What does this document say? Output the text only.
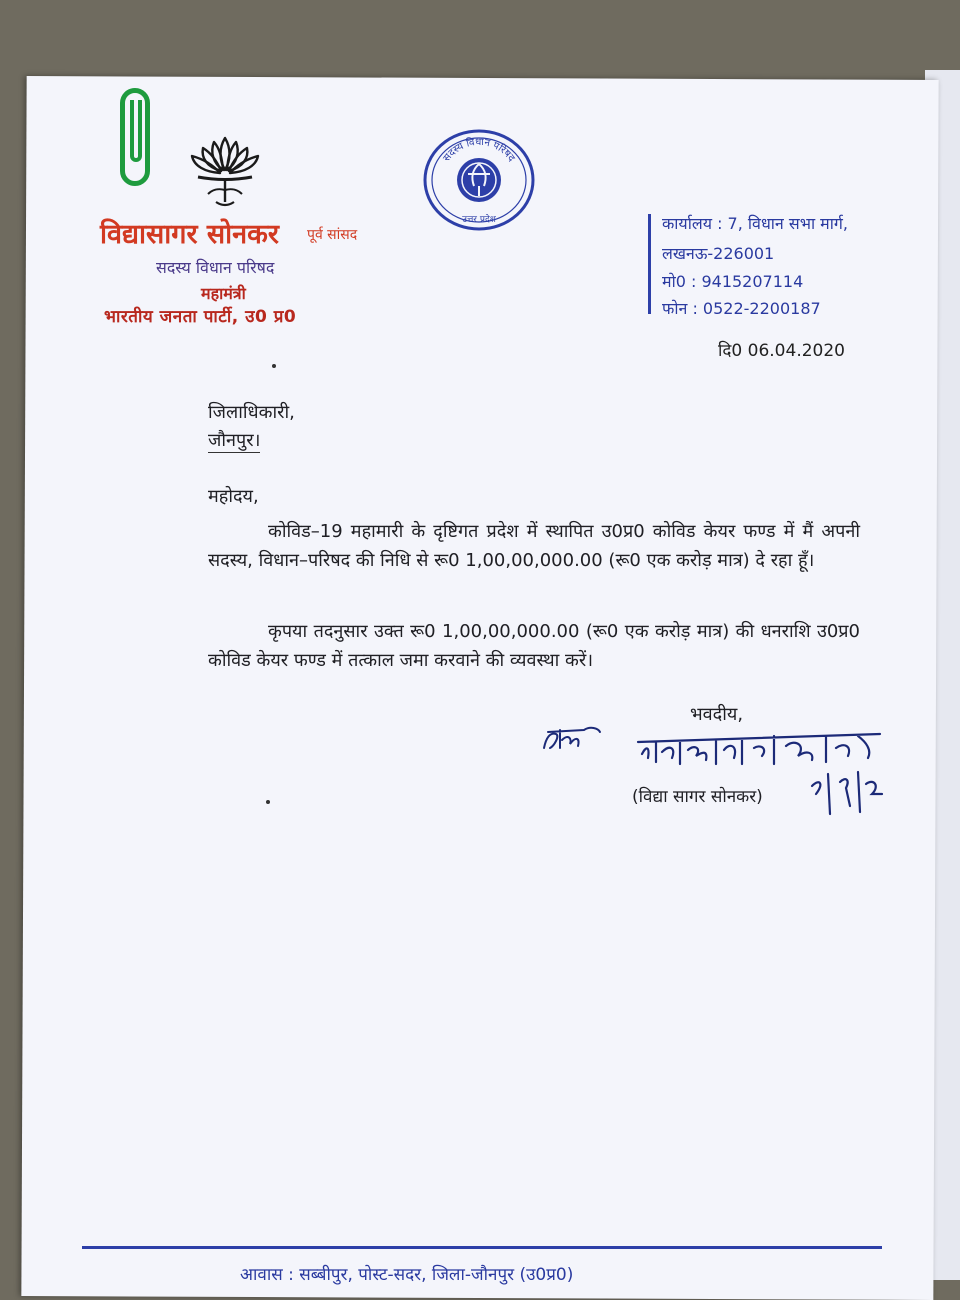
सदस्य विधान परिषद
उत्तर प्रदेश
विद्यासागर सोनकर पूर्व सांसद
सदस्य विधान परिषद
महामंत्री
भारतीय जनता पार्टी, उ0 प्र0
कार्यालय : 7, विधान सभा मार्ग,
लखनऊ-226001
मो0 : 9415207114
फोन : 0522-2200187
दि0 06.04.2020
जिलाधिकारी,
जौनपुर।
महोदय,
कोविड–19 महामारी के दृष्टिगत प्रदेश में स्थापित उ0प्र0 कोविड केयर फण्ड में मैं अपनी सदस्य, विधान–परिषद की निधि से रू0 1,00,00,000.00 (रू0 एक करोड़ मात्र) दे रहा हूँ।
कृपया तदनुसार उक्त रू0 1,00,00,000.00 (रू0 एक करोड़ मात्र) की धनराशि उ0प्र0 कोविड केयर फण्ड में तत्काल जमा करवाने की व्यवस्था करें।
भवदीय,
(विद्या सागर सोनकर)
आवास : सब्बीपुर, पोस्ट-सदर, जिला-जौनपुर (उ0प्र0)
